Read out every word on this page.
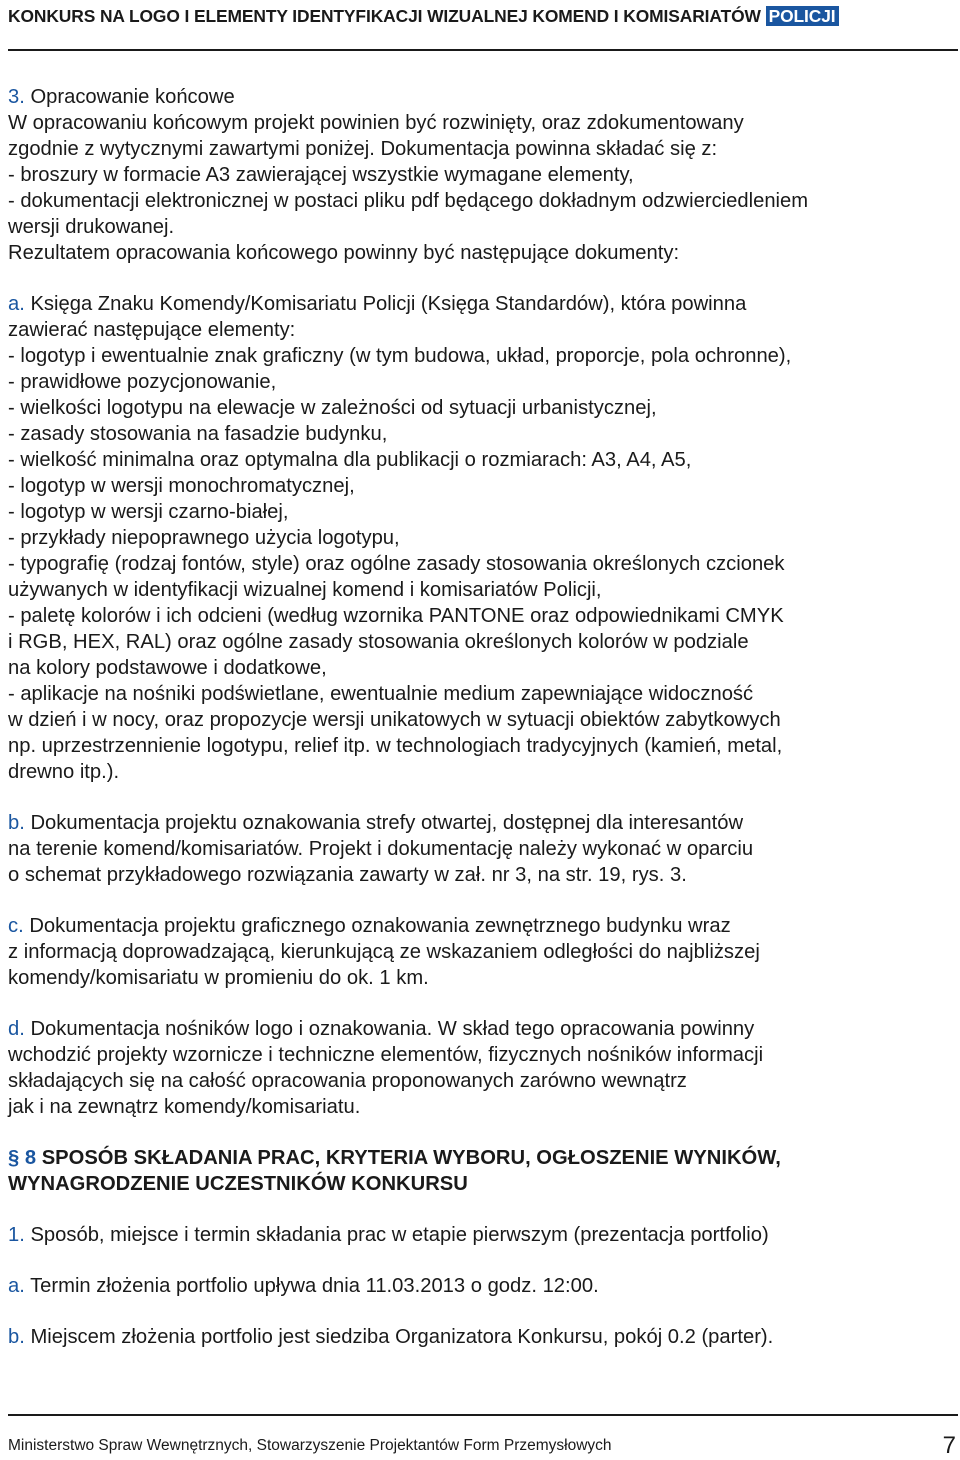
KONKURS NA LOGO I ELEMENTY IDENTYFIKACJI WIZUALNEJ KOMEND I KOMISARIATÓW POLICJI

3. Opracowanie końcowe

W opracowaniu końcowym projekt powinien być rozwinięty, oraz zdokumentowany
zgodnie z wytycznymi zawartymi poniżej. Dokumentacja powinna składać się z:
- broszury w formacie A3 zawierającej wszystkie wymagane elementy,
- dokumentacji elektronicznej w postaci pliku pdf będącego dokładnym odzwierciedleniem
wersji drukowanej.
Rezultatem opracowania końcowego powinny być następujące dokumenty:

a. Księga Znaku Komendy/Komisariatu Policji (Księga Standardów), która powinna
zawierać następujące elementy:
- logotyp i ewentualnie znak graficzny (w tym budowa, układ, proporcje, pola ochronne),
- prawidłowe pozycjonowanie,
- wielkości logotypu na elewacje w zależności od sytuacji urbanistycznej,
- zasady stosowania na fasadzie budynku,
- wielkość minimalna oraz optymalna dla publikacji o rozmiarach: A3, A4, A5,
- logotyp w wersji monochromatycznej,
- logotyp w wersji czarno-białej,
- przykłady niepoprawnego użycia logotypu,
- typografię (rodzaj fontów, style) oraz ogólne zasady stosowania określonych czcionek
używanych w identyfikacji wizualnej komend i komisariatów Policji,
- paletę kolorów i ich odcieni (według wzornika PANTONE oraz odpowiednikami CMYK
i RGB, HEX, RAL) oraz ogólne zasady stosowania określonych kolorów w podziale
na kolory podstawowe i dodatkowe,
- aplikacje na nośniki podświetlane, ewentualnie medium zapewniające widoczność
w dzień i w nocy, oraz propozycje wersji unikatowych w sytuacji obiektów zabytkowych
np. uprzestrzennienie logotypu, relief itp. w technologiach tradycyjnych (kamień, metal,
drewno itp.).

b. Dokumentacja projektu oznakowania strefy otwartej, dostępnej dla interesantów
na terenie komend/komisariatów. Projekt i dokumentację należy wykonać w oparciu
o schemat przykładowego rozwiązania zawarty w zał. nr 3, na str. 19, rys. 3.

c. Dokumentacja projektu graficznego oznakowania zewnętrznego budynku wraz
z informacją doprowadzającą, kierunkującą ze wskazaniem odległości do najbliższej
komendy/komisariatu w promieniu do ok. 1 km.

d. Dokumentacja nośników logo i oznakowania. W skład tego opracowania powinny
wchodzić projekty wzornicze i techniczne elementów, fizycznych nośników informacji
składających się na całość opracowania proponowanych zarówno wewnątrz
jak i na zewnątrz komendy/komisariatu.

§ 8 SPOSÓB SKŁADANIA PRAC, KRYTERIA WYBORU, OGŁOSZENIE WYNIKÓW,
WYNAGRODZENIE UCZESTNIKÓW KONKURSU

1. Sposób, miejsce i termin składania prac w etapie pierwszym (prezentacja portfolio)

a. Termin złożenia portfolio upływa dnia 11.03.2013 o godz. 12:00.

b. Miejscem złożenia portfolio jest siedziba Organizatora Konkursu, pokój 0.2 (parter).

Ministerstwo Spraw Wewnętrznych, Stowarzyszenie Projektantów Form Przemysłowych	7
